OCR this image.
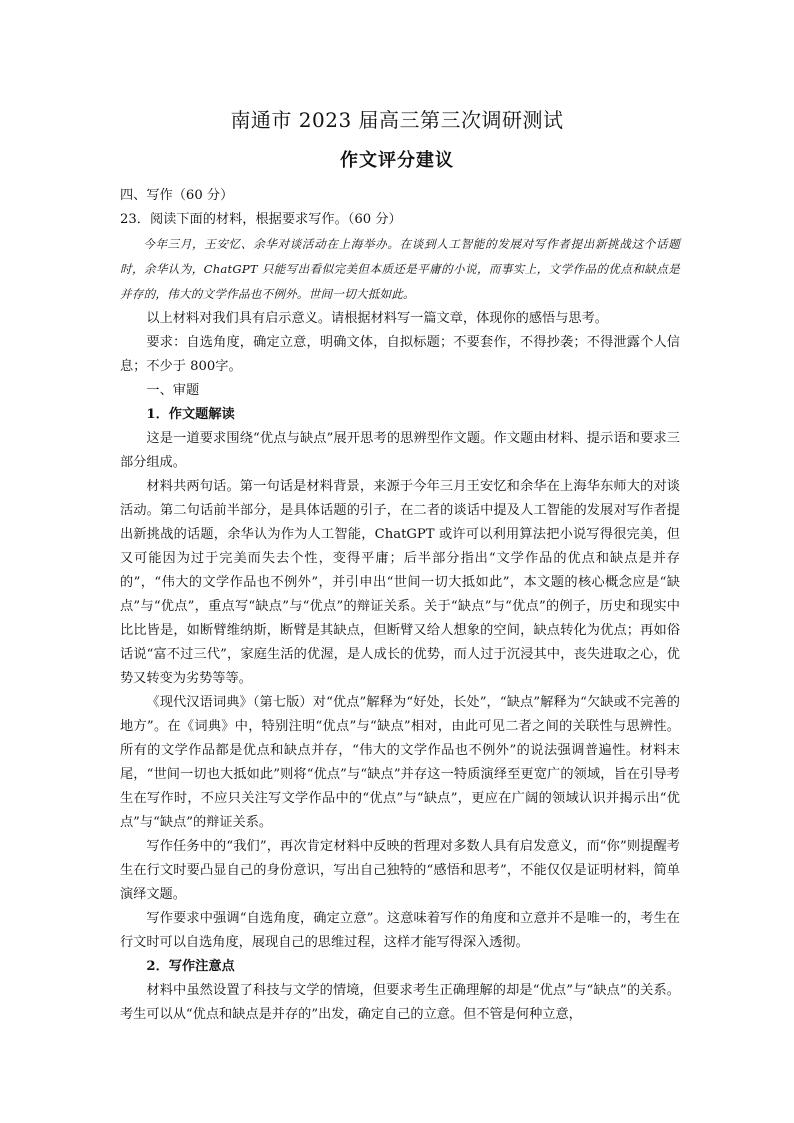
南通市 2023 届高三第三次调研测试
作文评分建议

四、写作（60 分）

23．阅读下面的材料，根据要求写作。（60 分）

今年三月，王安忆、余华对谈活动在上海举办。在谈到人工智能的发展对写作者提出新挑战这个话题时，余华认为，ChatGPT 只能写出看似完美但本质还是平庸的小说，而事实上，文学作品的优点和缺点是并存的，伟大的文学作品也不例外。世间一切大抵如此。

以上材料对我们具有启示意义。请根据材料写一篇文章，体现你的感悟与思考。

要求：自选角度，确定立意，明确文体，自拟标题；不要套作，不得抄袭；不得泄露个人信息；不少于 800字。

一、审题

1．作文题解读

这是一道要求围绕“优点与缺点”展开思考的思辨型作文题。作文题由材料、提示语和要求三部分组成。

材料共两句话。第一句话是材料背景，来源于今年三月王安忆和余华在上海华东师大的对谈活动。第二句话前半部分，是具体话题的引子，在二者的谈话中提及人工智能的发展对写作者提出新挑战的话题，余华认为作为人工智能，ChatGPT 或许可以利用算法把小说写得很完美，但又可能因为过于完美而失去个性，变得平庸；后半部分指出“文学作品的优点和缺点是并存的”，“伟大的文学作品也不例外”，并引申出“世间一切大抵如此”，本文题的核心概念应是“缺点”与“优点”，重点写“缺点”与“优点”的辩证关系。关于“缺点”与“优点”的例子，历史和现实中比比皆是，如断臂维纳斯，断臂是其缺点，但断臂又给人想象的空间，缺点转化为优点；再如俗话说“富不过三代”，家庭生活的优渥，是人成长的优势，而人过于沉浸其中，丧失进取之心，优势又转变为劣势等等。

《现代汉语词典》（第七版）对“优点”解释为“好处，长处”，“缺点”解释为“欠缺或不完善的地方”。在《词典》中，特别注明“优点”与“缺点”相对，由此可见二者之间的关联性与思辨性。所有的文学作品都是优点和缺点并存，“伟大的文学作品也不例外”的说法强调普遍性。材料末尾，“世间一切也大抵如此”则将“优点”与“缺点”并存这一特质演绎至更宽广的领域，旨在引导考生在写作时，不应只关注写文学作品中的“优点”与“缺点”，更应在广阔的领域认识并揭示出“优点”与“缺点”的辩证关系。

写作任务中的“我们”，再次肯定材料中反映的哲理对多数人具有启发意义，而“你”则提醒考生在行文时要凸显自己的身份意识，写出自己独特的“感悟和思考”，不能仅仅是证明材料，简单演绎文题。

写作要求中强调“自选角度，确定立意”。这意味着写作的角度和立意并不是唯一的，考生在行文时可以自选角度，展现自己的思维过程，这样才能写得深入透彻。

2．写作注意点

材料中虽然设置了科技与文学的情境，但要求考生正确理解的却是“优点”与“缺点”的关系。考生可以从“优点和缺点是并存的”出发，确定自己的立意。但不管是何种立意，
